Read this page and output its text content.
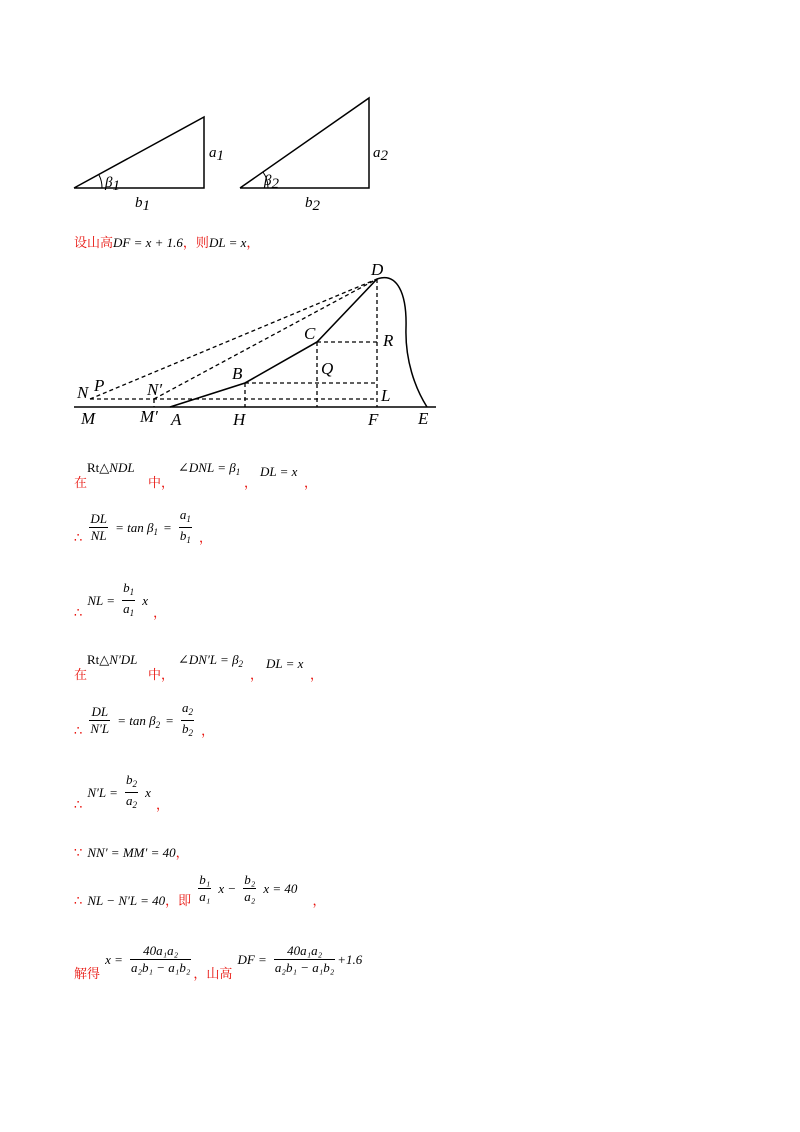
β1
a1
b1
β2
a2
b2
设山高DF = x + 1.6，则DL = x，
N P	N′
D
C	R
B	Q
L
M	M′ A	H	F E
在
Rt△NDL
中，
∠DNL = $\beta_1$
，
DL = x
，
$_\therefore \frac{DL}{NL} = \tan \beta_1 = \frac{a_1}{b_1} _,$
$_\therefore$ NL = $\frac{b_1}{a_1}$ x $_,$
在
Rt△N′DL
中，
∠DN′L = $\beta_2$
，
DL = x
，
$_\therefore \frac{DL}{N'L} = \tan \beta_2 = \frac{a_2}{b_2} _,$
$_\therefore$ $N'L = \frac{b_2}{a_2}$ x $_,$
∵ NN′ = MM′ = 40，
$_\therefore$ $_{NL - N'L = 40,即} \frac{\text{b₁}}{\text{a₁}}$ $x - \frac{\text{b₂}}{\text{a₂}}$ x = 40 $_,$
$_{解得}$ $x = \frac{\text{40a₁a₂}}{\text{a₂b₁ − a₁b₂}} _{,山高}$ DF = $\frac{\text{40a₁a₂}}{\text{a₂b₁ − a₁b₂}} +1.6$
